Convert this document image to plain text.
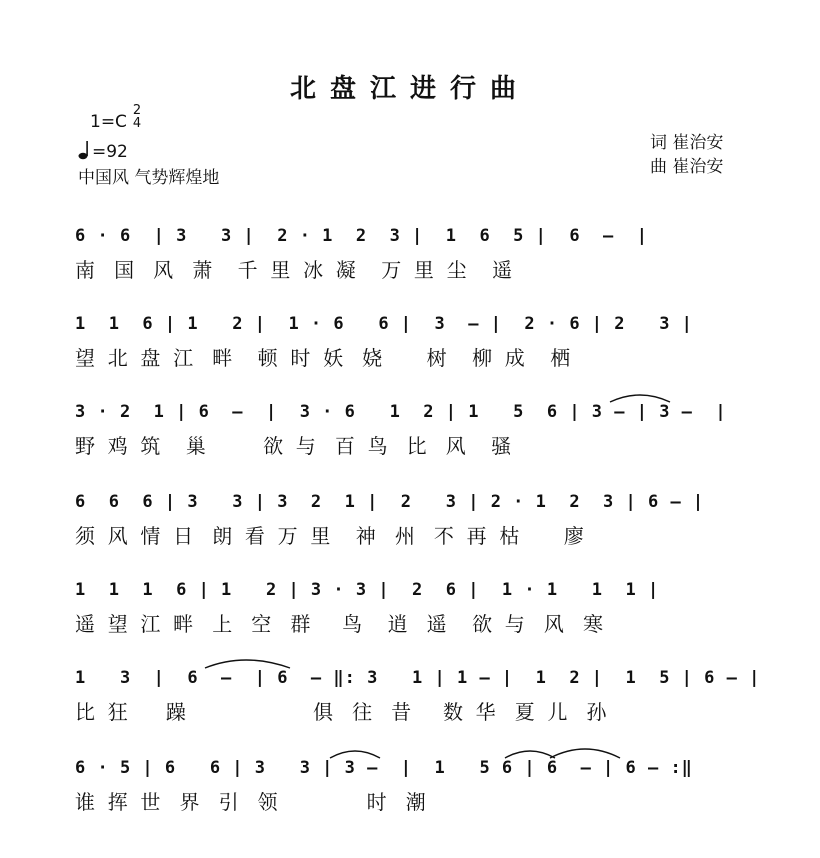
北盘江进行曲
1=C
2
4
=92
中国风 气势辉煌地
词 崔治安
曲 崔治安
6 · 6  | 3   3 |  2 · 1  2  3 |  1  6  5 |  6  –  |
南   国   风   萧    千  里  冰  凝    万  里  尘    遥
1  1  6 | 1   2 |  1 · 6   6 |  3  – |  2 · 6 | 2   3 |
望  北  盘  江   畔    顿  时  妖   娆       树    柳  成    栖
3 · 2  1 | 6  –  |  3 · 6   1  2 | 1   5  6 | 3 – | 3 –  |
野  鸡  筑    巢         欲  与   百  鸟   比   风    骚
6  6  6 | 3   3 | 3  2  1 |  2   3 | 2 · 1  2  3 | 6 – |
须  风  情  日   朗  看  万  里    神   州   不  再  枯       廖
1  1  1  6 | 1   2 | 3 · 3 |  2  6 |  1 · 1   1  1 |
遥  望  江  畔   上   空   群     鸟    逍   遥    欲  与   风   寒
1   3  |  6  –  | 6  – ‖: 3   1 | 1 – |  1  2 |  1  5 | 6 – |
比  狂      躁                    俱   往   昔     数  华   夏  儿   孙
6 · 5 | 6   6 | 3   3 | 3 –  |  1   5 6 | 6  – | 6 – :‖
谁  挥  世   界   引   领              时   潮
